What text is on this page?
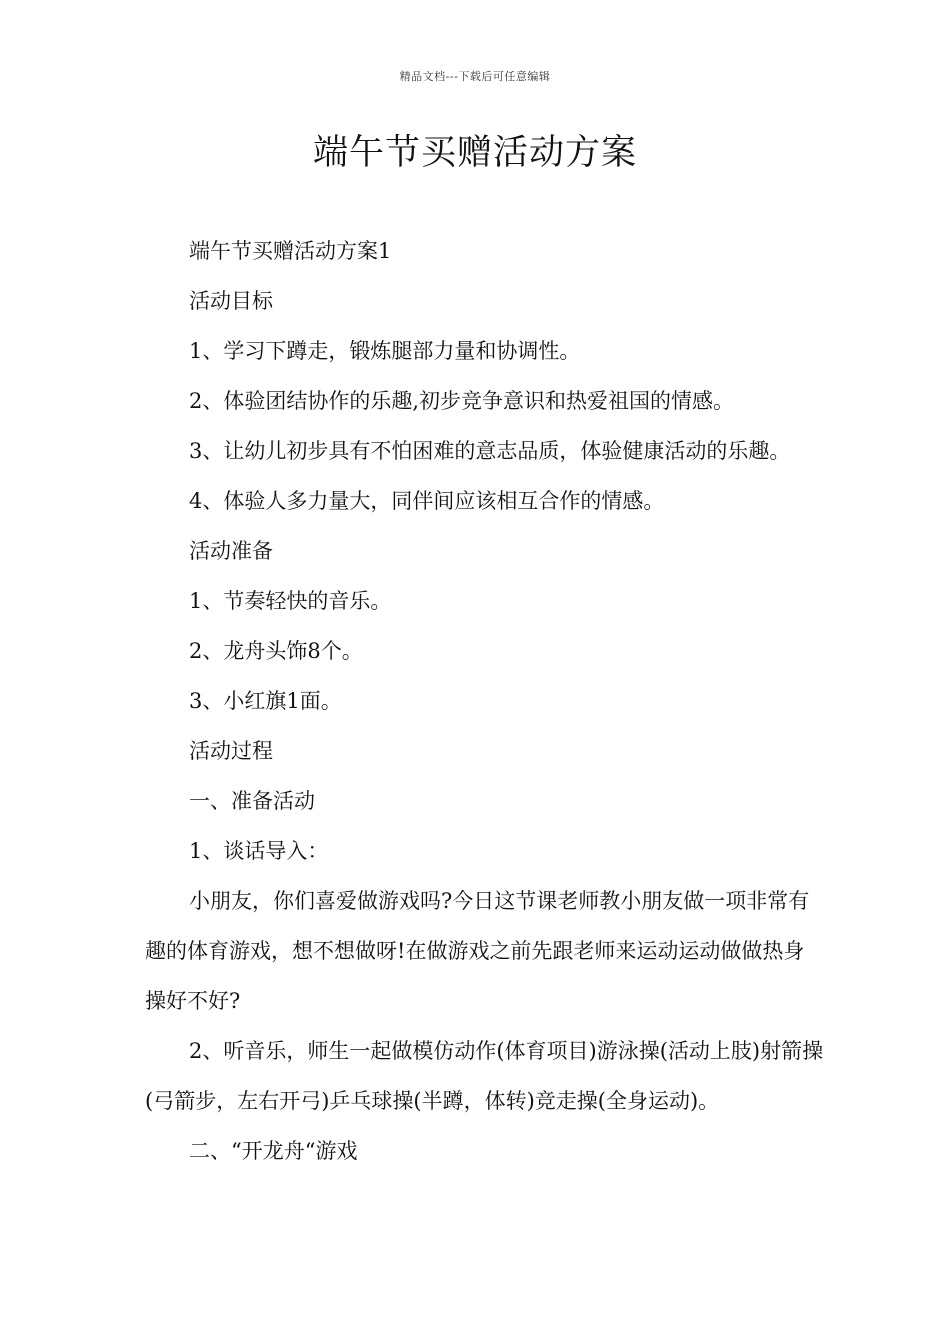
精品文档---下载后可任意编辑
端午节买赠活动方案

端午节买赠活动方案1

活动目标

1、学习下蹲走，锻炼腿部力量和协调性。

2、体验团结协作的乐趣,初步竞争意识和热爱祖国的情感。

3、让幼儿初步具有不怕困难的意志品质，体验健康活动的乐趣。

4、体验人多力量大，同伴间应该相互合作的情感。

活动准备

1、节奏轻快的音乐。

2、龙舟头饰8个。

3、小红旗1面。

活动过程

一、准备活动

1、谈话导入：

小朋友，你们喜爱做游戏吗?今日这节课老师教小朋友做一项非常有趣的体育游戏，想不想做呀!在做游戏之前先跟老师来运动运动做做热身操好不好?

2、听音乐，师生一起做模仿动作(体育项目)游泳操(活动上肢)射箭操(弓箭步，左右开弓)乒乓球操(半蹲，体转)竞走操(全身运动)。

二、“开龙舟“游戏
